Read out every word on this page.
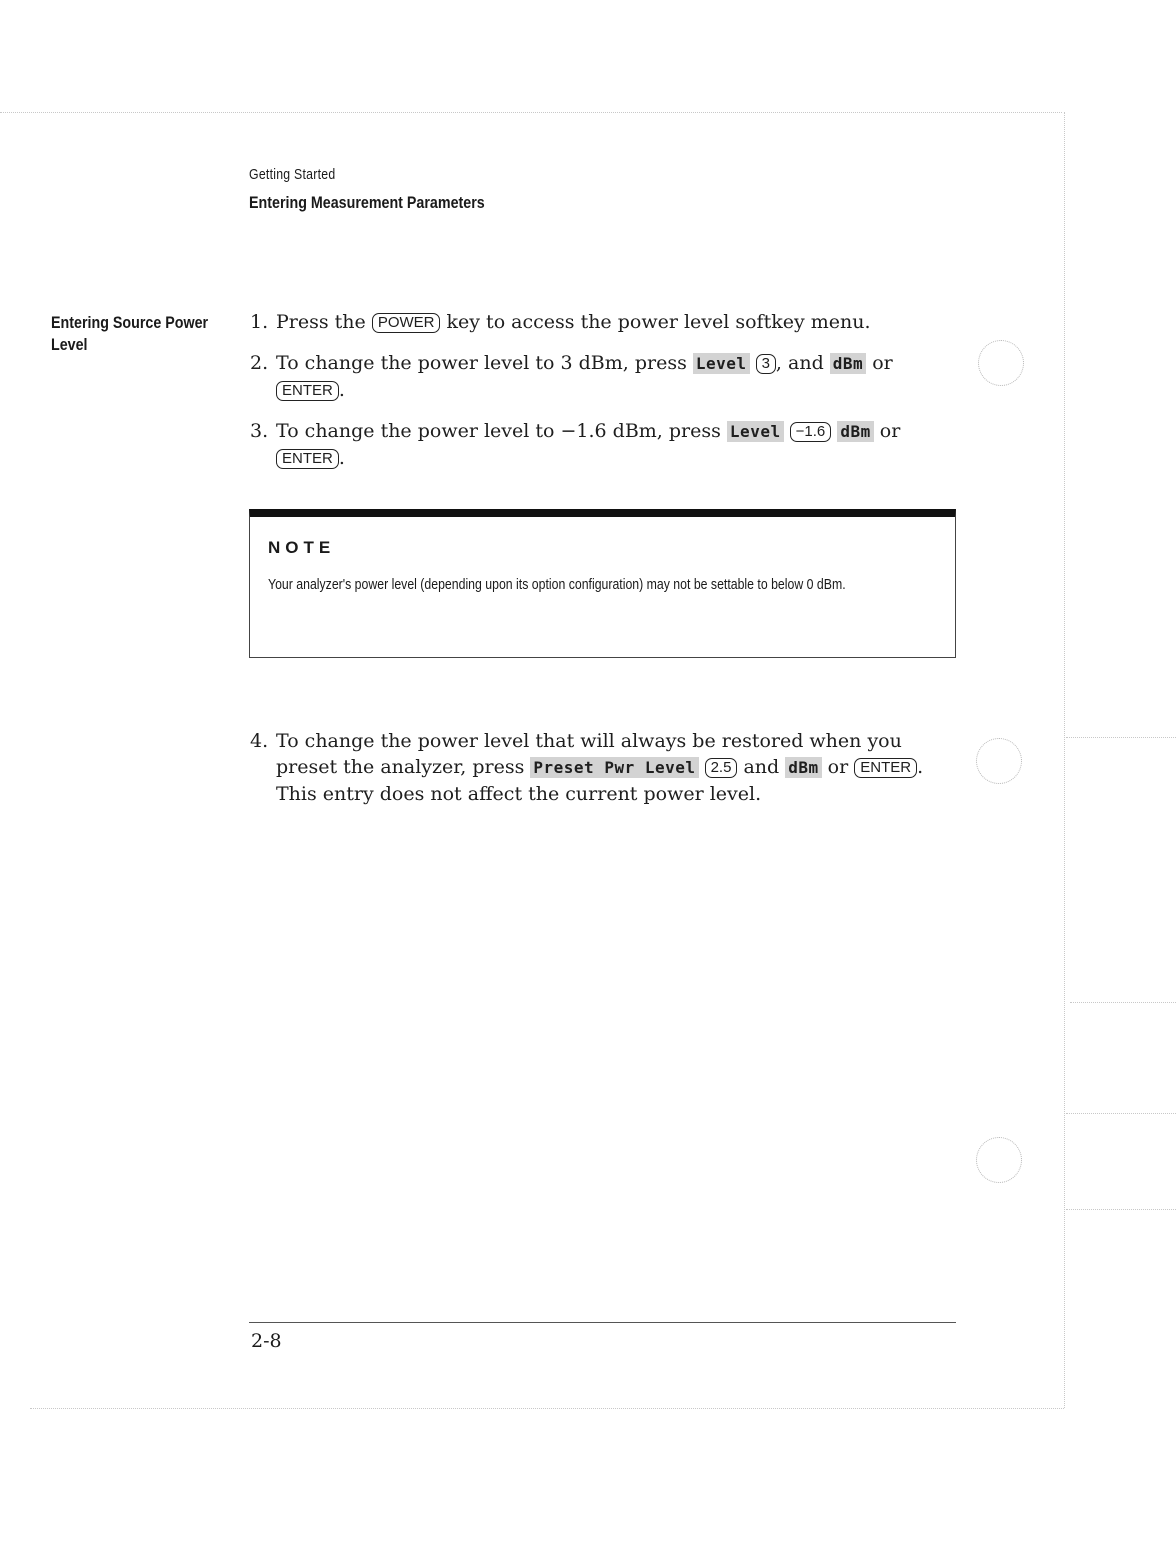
Getting Started
Entering Measurement Parameters
Entering Source Power Level
1. Press the POWER key to access the power level softkey menu.
2. To change the power level to 3 dBm, press Level 3 , and dBm or
ENTER .
3. To change the power level to −1.6 dBm, press Level −1.6 dBm or
ENTER .
NOTE
Your analyzer's power level (depending upon its option configuration) may not be settable to below 0 dBm.
4. To change the power level that will always be restored when you preset the analyzer, press Preset Pwr Level 2.5 and dBm or ENTER . This entry does not affect the current power level.
2-8
